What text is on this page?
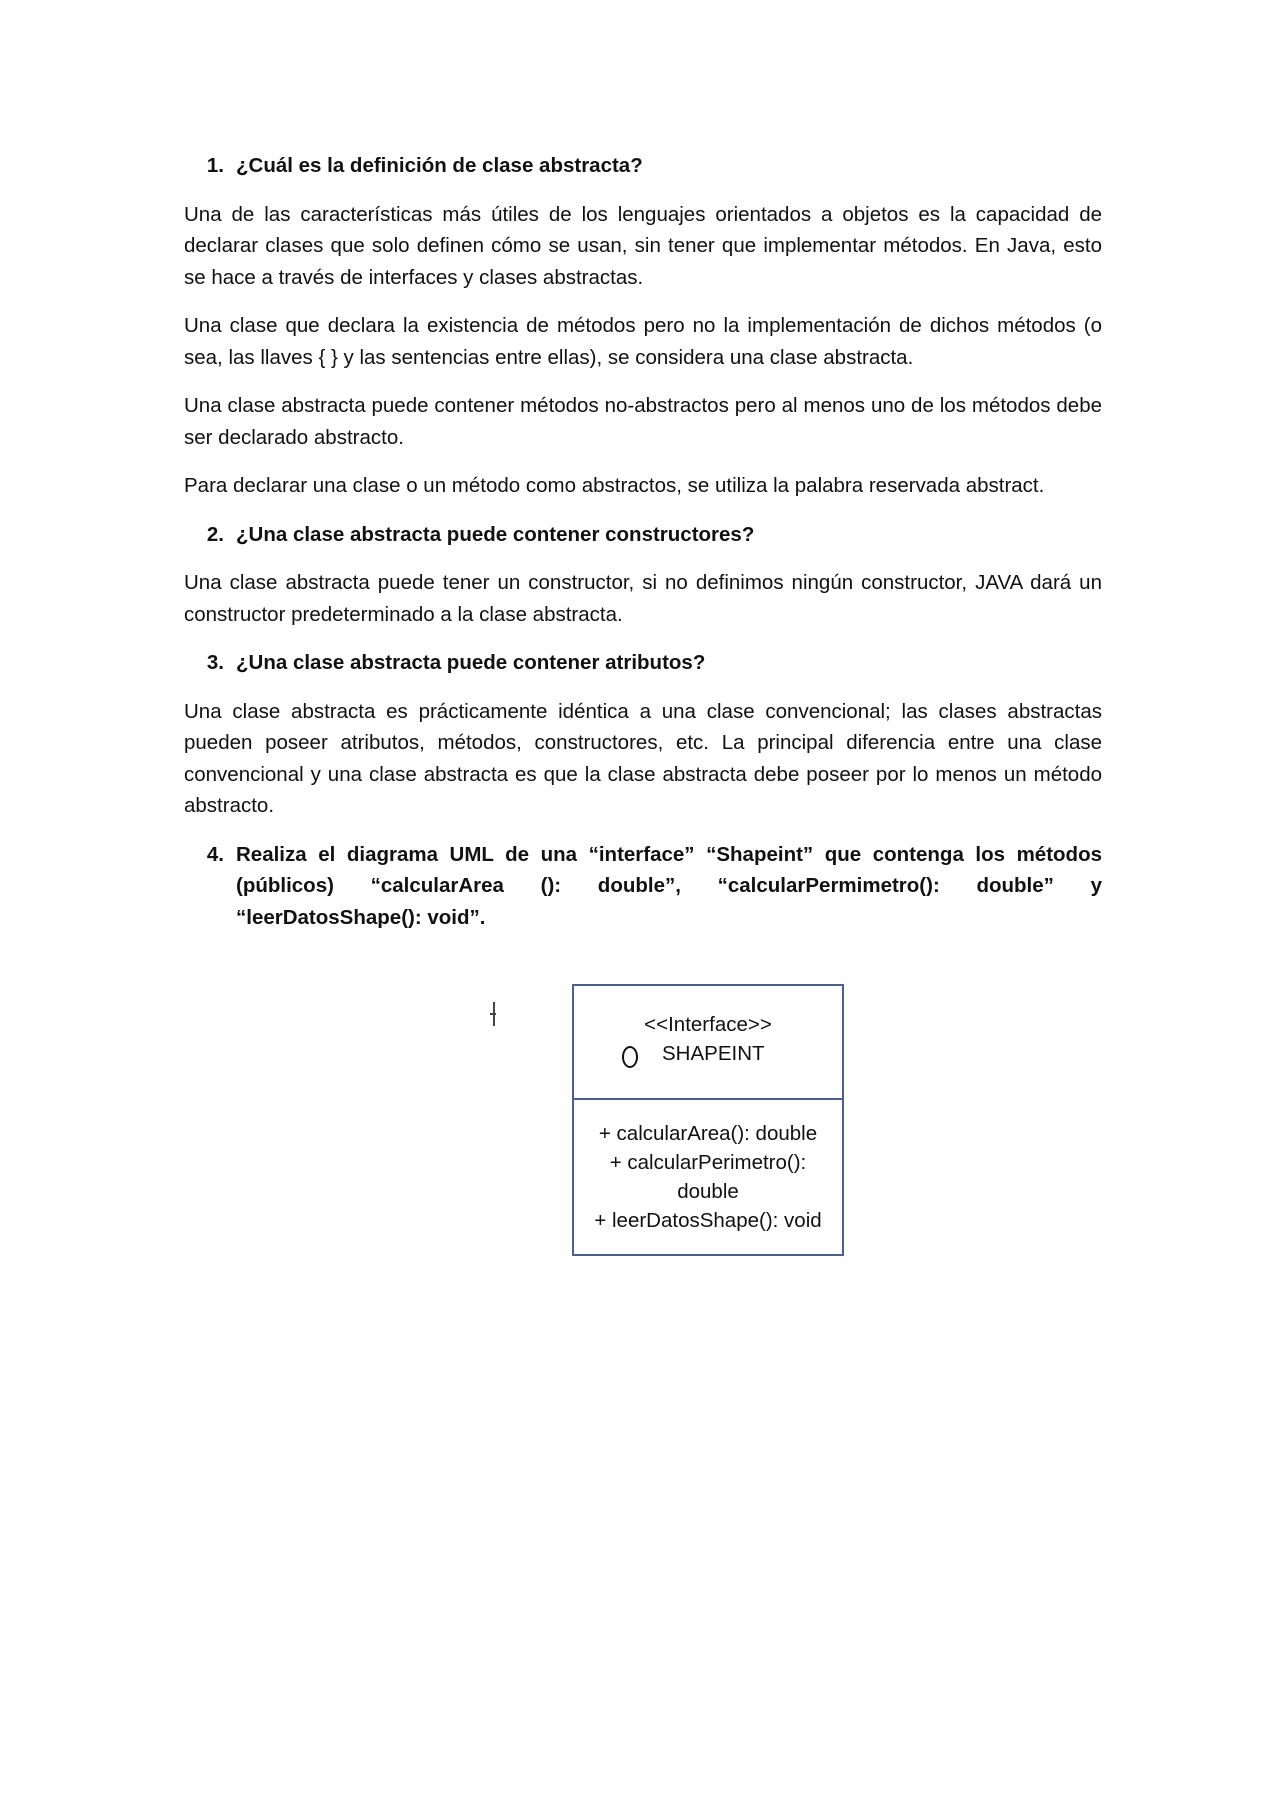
1. ¿Cuál es la definición de clase abstracta?

Una de las características más útiles de los lenguajes orientados a objetos es la capacidad de declarar clases que solo definen cómo se usan, sin tener que implementar métodos. En Java, esto se hace a través de interfaces y clases abstractas.

Una clase que declara la existencia de métodos pero no la implementación de dichos métodos (o sea, las llaves { } y las sentencias entre ellas), se considera una clase abstracta.

Una clase abstracta puede contener métodos no-abstractos pero al menos uno de los métodos debe ser declarado abstracto.

Para declarar una clase o un método como abstractos, se utiliza la palabra reservada abstract.

2. ¿Una clase abstracta puede contener constructores?

Una clase abstracta puede tener un constructor, si no definimos ningún constructor, JAVA dará un constructor predeterminado a la clase abstracta.

3. ¿Una clase abstracta puede contener atributos?

Una clase abstracta es prácticamente idéntica a una clase convencional; las clases abstractas pueden poseer atributos, métodos, constructores, etc. La principal diferencia entre una clase convencional y una clase abstracta es que la clase abstracta debe poseer por lo menos un método abstracto.

4. Realiza el diagrama UML de una “interface” “Shapeint” que contenga los métodos (públicos) “calcularArea (): double”, “calcularPermimetro(): double” y “leerDatosShape(): void”.
<<Interface>>
SHAPEINT
+ calcularArea(): double
+ calcularPerimetro():
double
+ leerDatosShape(): void
